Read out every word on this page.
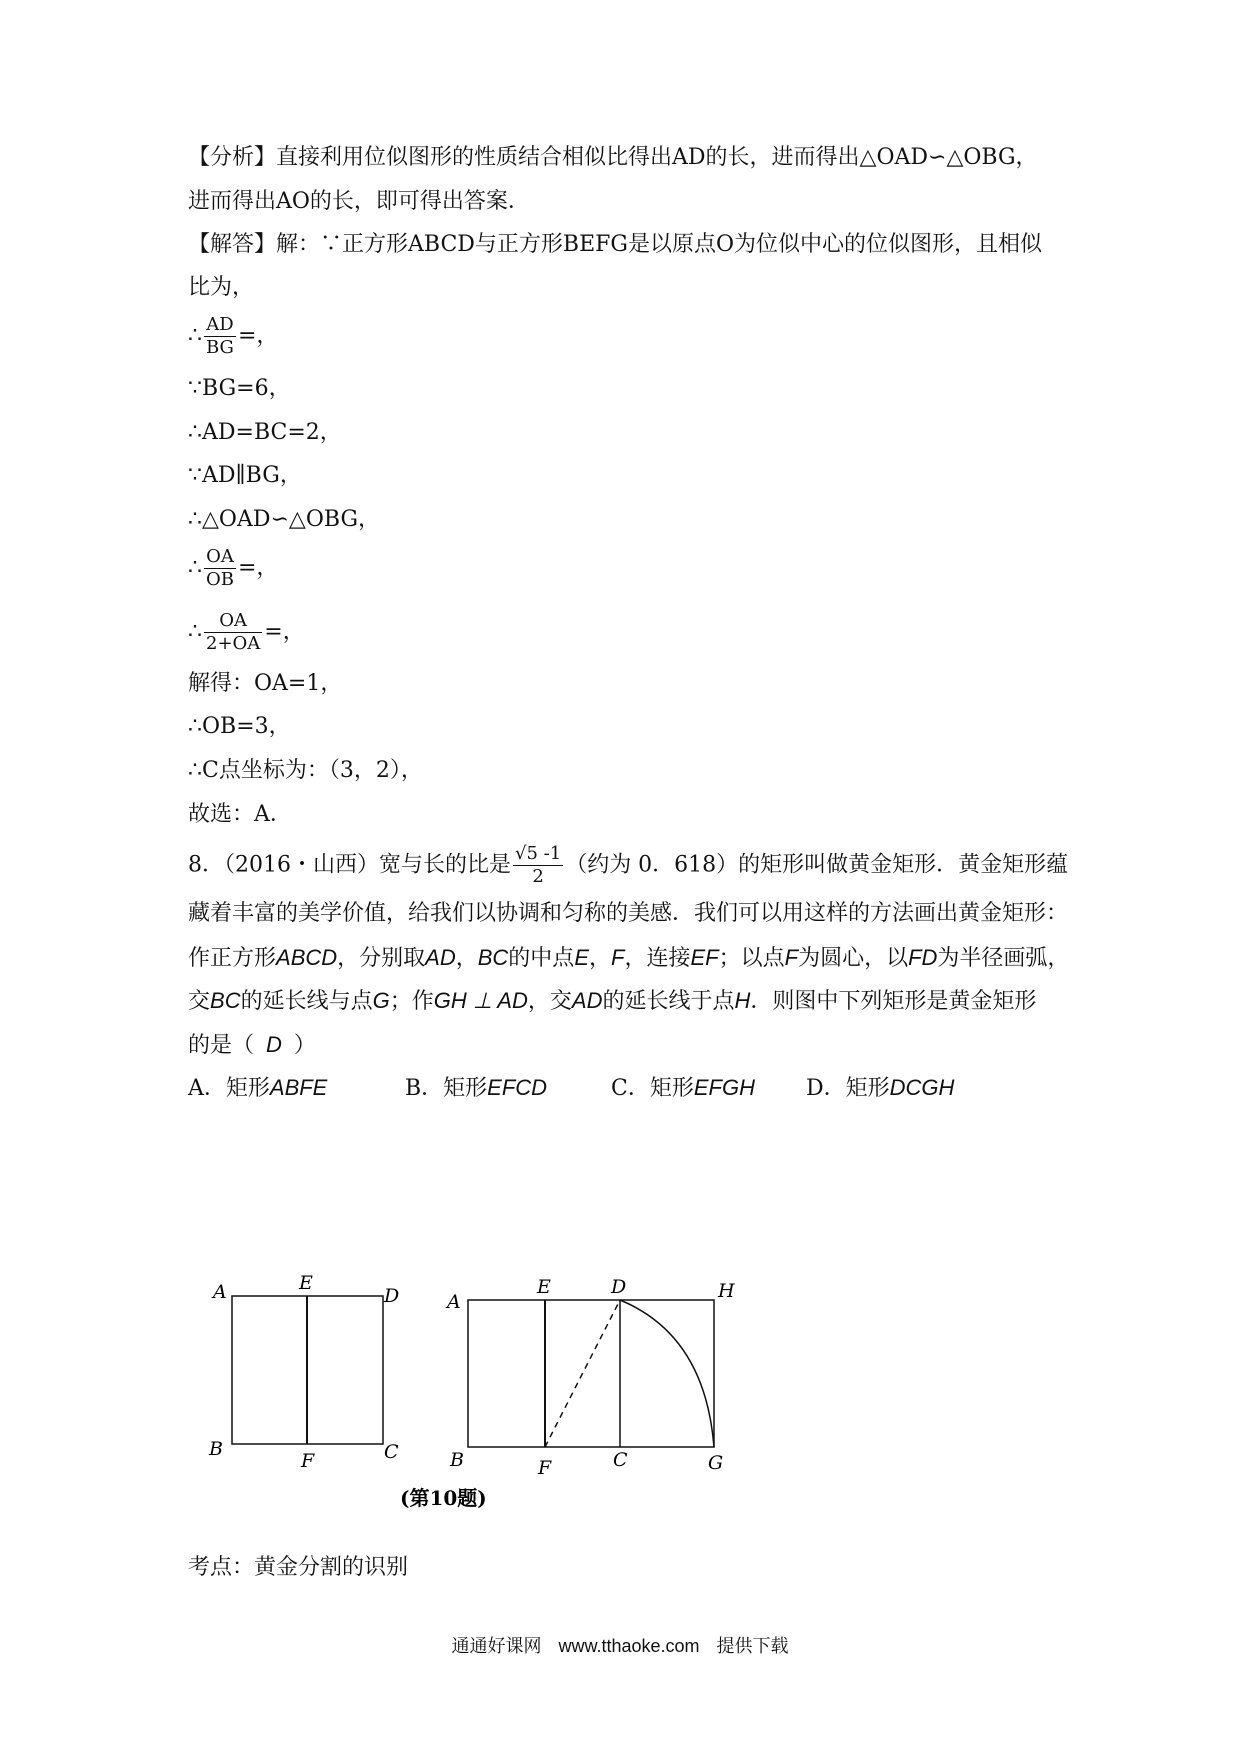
【分析】直接利用位似图形的性质结合相似比得出AD的长，进而得出△OAD∽△OBG，
进而得出AO的长，即可得出答案．
【解答】解：∵正方形ABCD与正方形BEFG是以原点O为位似中心的位似图形，且相似
比为，
∴ $\frac{AD}{BG}$ =，
∵BG=6，
∴AD=BC=2，
∵AD∥BG，
∴△OAD∽△OBG，
∴ $\frac{OA}{OB}$ =，
∴ $\frac{OA}{2+OA}$ =，
解得：OA=1，
∴OB=3，
∴C点坐标为：（3，2），
故选：A．
8．（2016・山西）宽与长的比是 $\frac{√5 -1}{2}$ （约为 0．618）的矩形叫做黄金矩形．黄金矩形蕴
藏着丰富的美学价值，给我们以协调和匀称的美感．我们可以用这样的方法画出黄金矩形：
作正方形ABCD，分别取AD，BC的中点E，F，连接EF；以点F为圆心，以FD为半径画弧，
交BC的延长线与点G；作GH ⊥ AD，交AD的延长线于点H．则图中下列矩形是黄金矩形
的是（ D ）
A．矩形ABFE	B．矩形EFCD	C．矩形EFGH D．矩形DCGH
A	E
D
B
F	C
A
E	D	H
B	F	C	G
(第10题)
考点：黄金分割的识别
通通好课网 www.tthaoke.com 提供下载
